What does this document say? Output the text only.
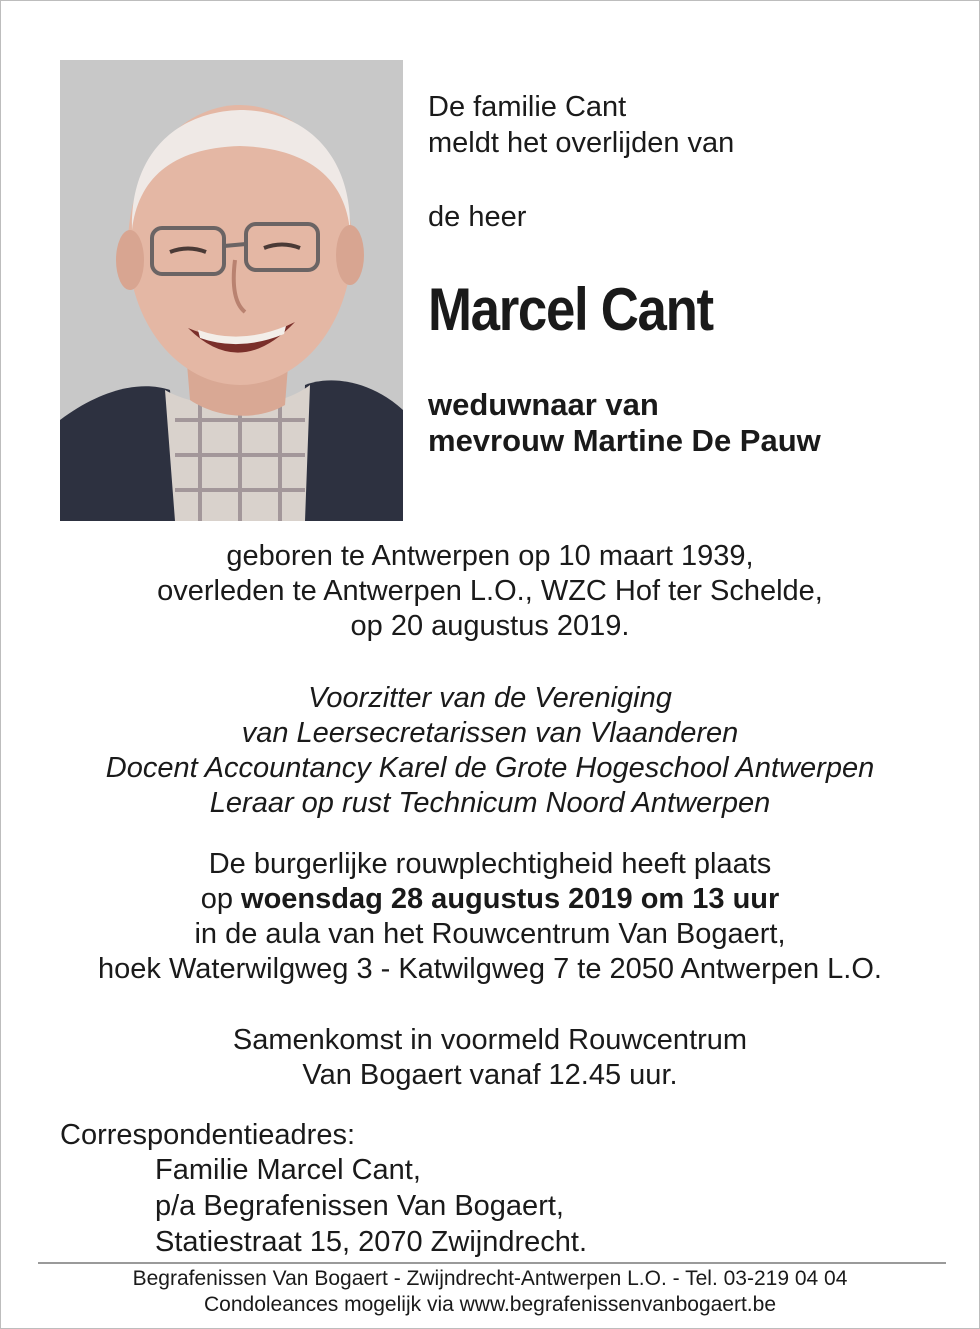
De familie Cant
meldt het overlijden van
de heer
Marcel Cant
weduwnaar van
mevrouw Martine De Pauw
geboren te Antwerpen op 10 maart 1939,
overleden te Antwerpen L.O., WZC Hof ter Schelde,
op 20 augustus 2019.
Voorzitter van de Vereniging
van Leersecretarissen van Vlaanderen
Docent Accountancy Karel de Grote Hogeschool Antwerpen
Leraar op rust Technicum Noord Antwerpen
De burgerlijke rouwplechtigheid heeft plaats
op woensdag 28 augustus 2019 om 13 uur
in de aula van het Rouwcentrum Van Bogaert,
hoek Waterwilgweg 3 - Katwilgweg 7 te 2050 Antwerpen L.O.
Samenkomst in voormeld Rouwcentrum
Van Bogaert vanaf 12.45 uur.
Correspondentieadres:
Familie Marcel Cant,
p/a Begrafenissen Van Bogaert,
Statiestraat 15, 2070 Zwijndrecht.
Begrafenissen Van Bogaert - Zwijndrecht-Antwerpen L.O. - Tel. 03-219 04 04
Condoleances mogelijk via www.begrafenissenvanbogaert.be
